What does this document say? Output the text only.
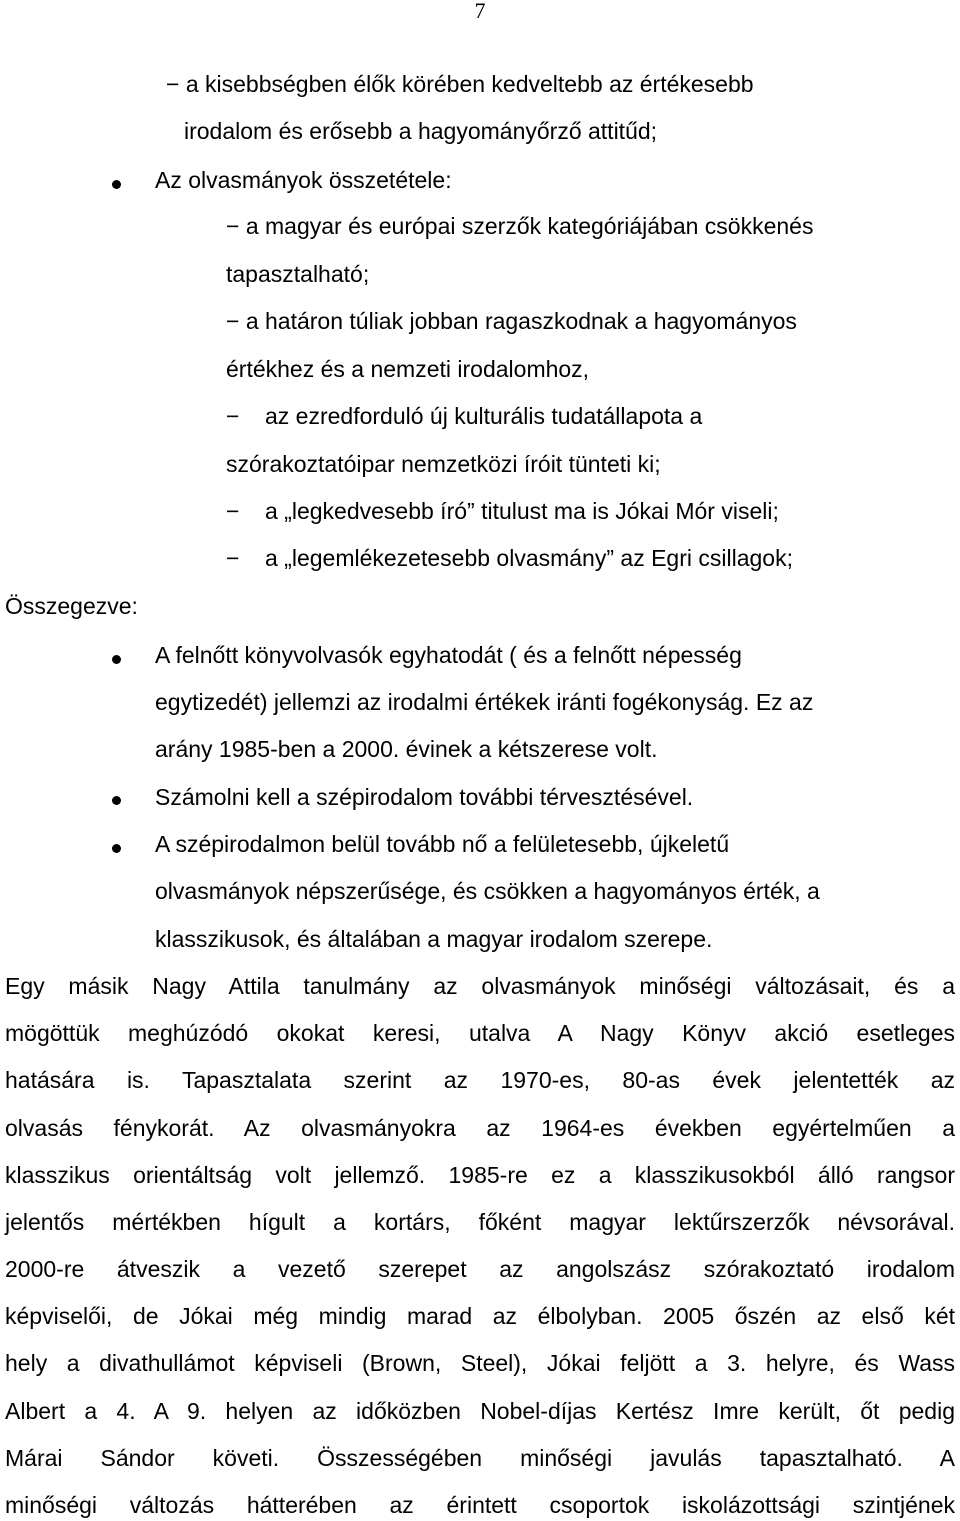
7
− a kisebbségben élők körében kedveltebb az értékesebb
irodalom és erősebb a hagyományőrző attitűd;
Az olvasmányok összetétele:
− a magyar és európai szerzők kategóriájában csökkenés
tapasztalható;
− a határon túliak jobban ragaszkodnak a hagyományos
értékhez és a nemzeti irodalomhoz,
− az ezredforduló új kulturális tudatállapota a
szórakoztatóipar nemzetközi íróit tünteti ki;
− a „legkedvesebb író” titulust ma is Jókai Mór viseli;
− a „legemlékezetesebb olvasmány” az Egri csillagok;
Összegezve:
A felnőtt könyvolvasók egyhatodát ( és a felnőtt népesség
egytizedét) jellemzi az irodalmi értékek iránti fogékonyság. Ez az
arány 1985-ben a 2000. évinek a kétszerese volt.
Számolni kell a szépirodalom további térvesztésével.
A szépirodalmon belül tovább nő a felületesebb, újkeletű
olvasmányok népszerűsége, és csökken a hagyományos érték, a
klasszikusok, és általában a magyar irodalom szerepe.
Egy másik Nagy Attila tanulmány az olvasmányok minőségi változásait, és a
mögöttük meghúzódó okokat keresi, utalva A Nagy Könyv akció esetleges
hatására is. Tapasztalata szerint az 1970-es, 80-as évek jelentették az
olvasás fénykorát. Az olvasmányokra az 1964-es években egyértelműen a
klasszikus orientáltság volt jellemző. 1985-re ez a klasszikusokból álló rangsor
jelentős mértékben hígult a kortárs, főként magyar lektűrszerzők névsorával.
2000-re átveszik a vezető szerepet az angolszász szórakoztató irodalom
képviselői, de Jókai még mindig marad az élbolyban. 2005 őszén az első két
hely a divathullámot képviseli (Brown, Steel), Jókai feljött a 3. helyre, és Wass
Albert a 4. A 9. helyen az időközben Nobel-díjas Kertész Imre került, őt pedig
Márai Sándor követi. Összességében minőségi javulás tapasztalható. A
minőségi változás hátterében az érintett csoportok iskolázottsági szintjének
